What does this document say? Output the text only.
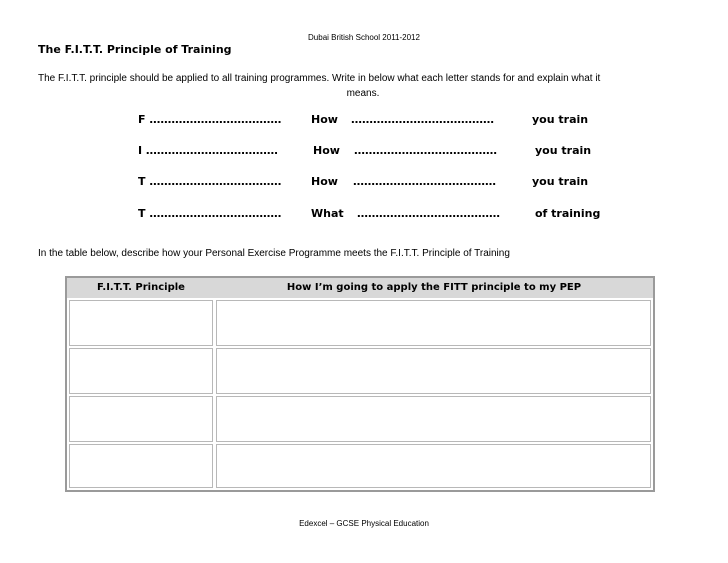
Dubai British School 2011-2012
The F.I.T.T. Principle of Training
The F.I.T.T. principle should be applied to all training programmes. Write in below what each letter stands for and explain what it
means.
F ………………………………	How …………………………………	you train
I ………………………………	How …………………………………	you train
T ………………………………	How …………………………………	you train
T ………………………………	What …………………………………	of training
In the table below, describe how your Personal Exercise Programme meets the F.I.T.T. Principle of Training
F.I.T.T. Principle	How I’m going to apply the FITT principle to my PEP
Edexcel – GCSE Physical Education
